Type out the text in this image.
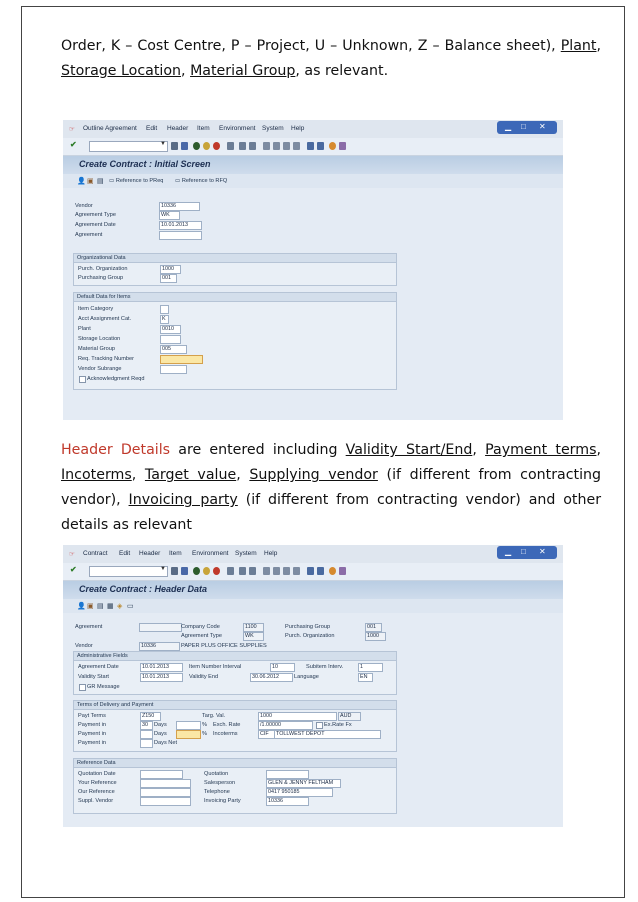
Order, K – Cost Centre, P – Project, U – Unknown, Z – Balance sheet), Plant, Storage Location, Material Group, as relevant.
☞ Outline Agreement Edit Header Item Environment System Help	▁ □ ✕
✔
▼
Create Contract : Initial Screen
👤 ▣ ▤ ▭ Reference to PReq ▭ Reference to RFQ
Vendor	10336
Agreement Type	WK
Agreement Date	10.01.2013
Agreement
Organizational Data
Purch. Organization	1000
Purchasing Group	001
Default Data for Items
Item Category
Acct Assignment Cat.	K
Plant	0010
Storage Location
Material Group	005
Req. Tracking Number
Vendor Subrange
Acknowledgment Reqd
Header Details are entered including Validity Start/End, Payment terms, Incoterms, Target value, Supplying vendor (if different from contracting vendor), Invoicing party (if different from contracting vendor) and other details as relevant
☞ Contract Edit Header Item Environment System Help	▁ □ ✕
✔
▼
Create Contract : Header Data
👤 ▣ ▤ ▦ ◈ ▭
Agreement	Company Code	1100	Purchasing Group	001
Agreement Type	WK	Purch. Organization	1000
Vendor	10336	PAPER PLUS OFFICE SUPPLIES
Administrative Fields
Agreement Date	10.01.2013	Item Number Interval	10	Subitem Interv.	1
Validity Start	10.01.2013	Validity End	30.06.2012	Language	EN
GR Message
Terms of Delivery and Payment
Payt Terms	Z150	Targ. Val.	1000	AUD
Payment in	30	Days	% Exch. Rate	/1.00000	Ex.Rate Fx
Payment in	Days	% Incoterms	CIF	TOLLWEST DEPOT
Payment in	Days Net
Reference Data
Quotation Date	Quotation
Your Reference	Salesperson	GLEN & JENNY FELTHAM
Our Reference	Telephone	0417 950185
Suppl. Vendor	Invoicing Party	10336
